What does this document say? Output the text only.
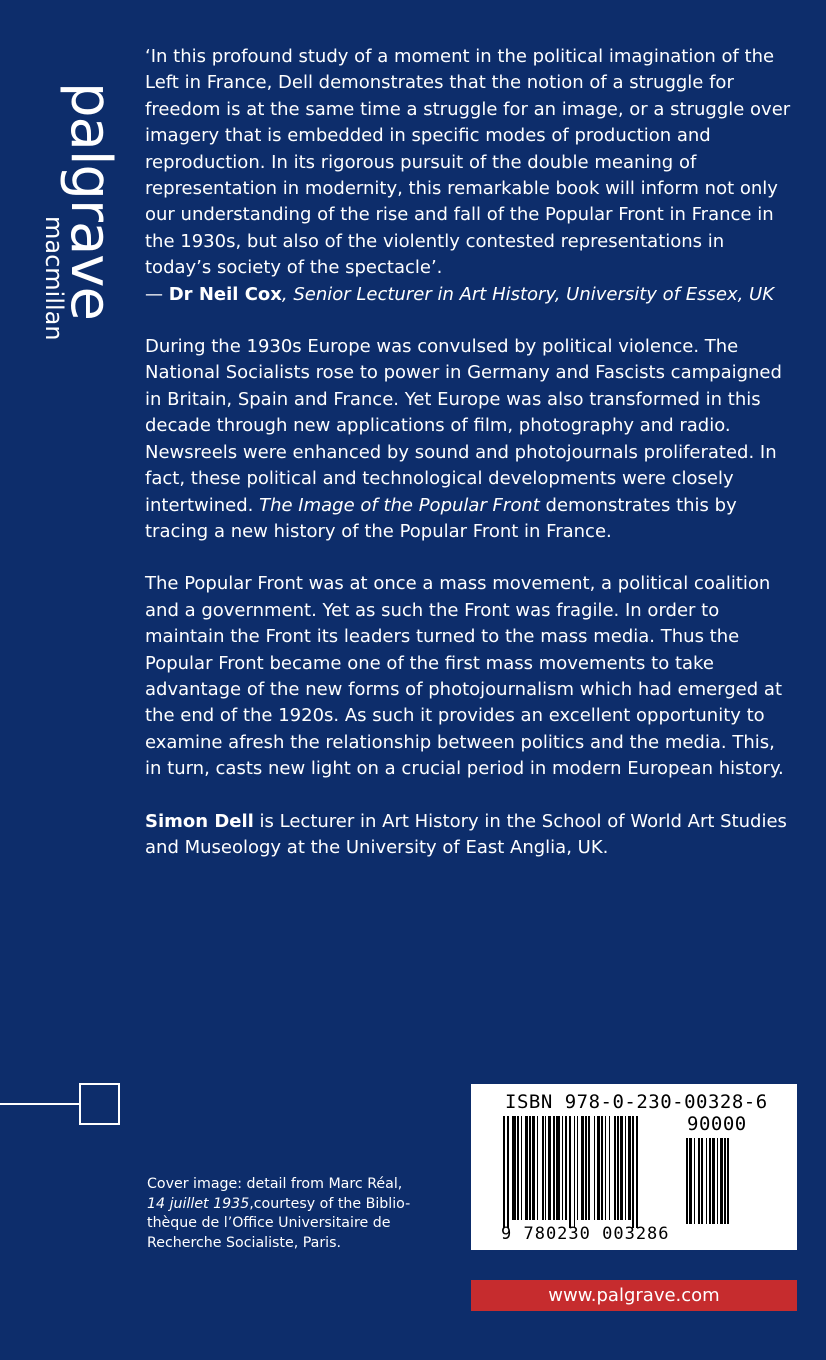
palgrave
macmillan

‘In this profound study of a moment in the political imagination of the Left in France, Dell demonstrates that the notion of a struggle for freedom is at the same time a struggle for an image, or a struggle over imagery that is embedded in specific modes of production and reproduction. In its rigorous pursuit of the double meaning of representation in modernity, this remarkable book will inform not only our understanding of the rise and fall of the Popular Front in France in the 1930s, but also of the violently contested representations in today’s society of the spectacle’.
— Dr Neil Cox, Senior Lecturer in Art History, University of Essex, UK

During the 1930s Europe was convulsed by political violence. The National Socialists rose to power in Germany and Fascists campaigned in Britain, Spain and France. Yet Europe was also transformed in this decade through new applications of film, photography and radio. Newsreels were enhanced by sound and photojournals proliferated. In fact, these political and technological developments were closely intertwined. The Image of the Popular Front demonstrates this by tracing a new history of the Popular Front in France.

The Popular Front was at once a mass movement, a political coalition and a government. Yet as such the Front was fragile. In order to maintain the Front its leaders turned to the mass media. Thus the Popular Front became one of the first mass movements to take advantage of the new forms of photojournalism which had emerged at the end of the 1920s. As such it provides an excellent opportunity to examine afresh the relationship between politics and the media. This, in turn, casts new light on a crucial period in modern European history.

Simon Dell is Lecturer in Art History in the School of World Art Studies and Museology at the University of East Anglia, UK.

Cover image: detail from Marc Réal, 14 juillet 1935,courtesy of the Biblio-thèque de l’Office Universitaire de Recherche Socialiste, Paris.
ISBN 978-0-230-00328-6
90000
9 780230 003286
www.palgrave.com
